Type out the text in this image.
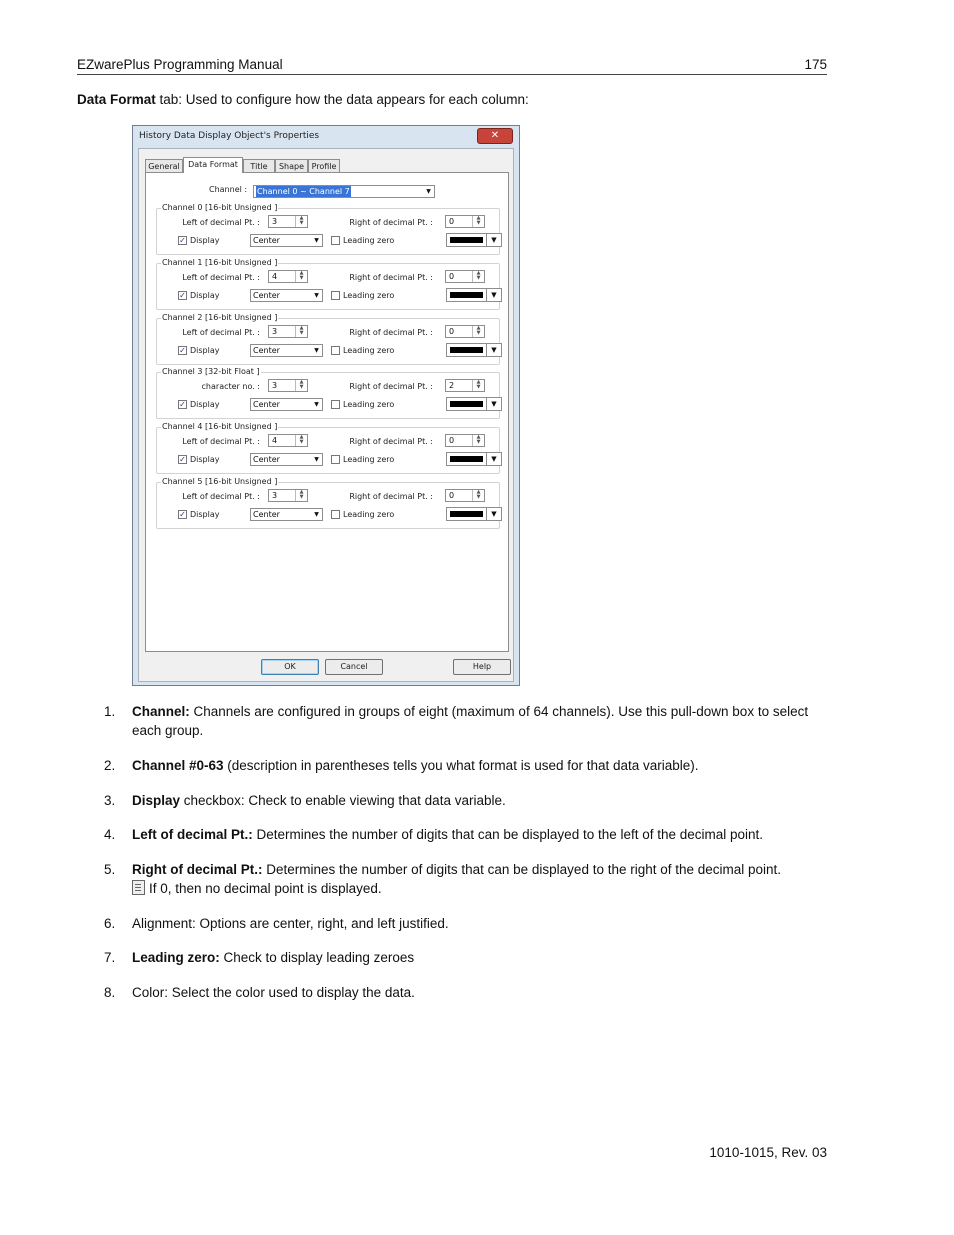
EZwarePlus Programming Manual	175
Data Format tab: Used to configure how the data appears for each column:
History Data Display Object's Properties	✕
General	Data Format	Title	Shape Profile
Channel : Channel 0 ~ Channel 7	▼
Channel 0 [16-bit Unsigned ]
Left of decimal Pt. : 3	▲
▼	Right of decimal Pt. : 0	▲
▼
✓ Display	Center	▼	Leading zero	▼
Channel 1 [16-bit Unsigned ]
Left of decimal Pt. : 4	▲
▼	Right of decimal Pt. : 0	▲
▼
✓ Display	Center	▼	Leading zero	▼
Channel 2 [16-bit Unsigned ]
Left of decimal Pt. : 3	▲
▼	Right of decimal Pt. : 0	▲
▼
✓ Display	Center	▼	Leading zero	▼
Channel 3 [32-bit Float ]
character no. : 3	▲
▼	Right of decimal Pt. : 2	▲
▼
✓ Display	Center	▼	Leading zero	▼
Channel 4 [16-bit Unsigned ]
Left of decimal Pt. : 4	▲
▼	Right of decimal Pt. : 0	▲
▼
✓ Display	Center	▼	Leading zero	▼
Channel 5 [16-bit Unsigned ]
Left of decimal Pt. : 3	▲
▼	Right of decimal Pt. : 0	▲
▼
✓ Display	Center	▼	Leading zero	▼
OK	Cancel	Help
1. Channel: Channels are configured in groups of eight (maximum of 64 channels). Use this pull-down box to select each group.
2. Channel #0-63 (description in parentheses tells you what format is used for that data variable).
3. Display checkbox: Check to enable viewing that data variable.
4. Left of decimal Pt.: Determines the number of digits that can be displayed to the left of the decimal point.
5. Right of decimal Pt.: Determines the number of digits that can be displayed to the right of the decimal point.
If 0, then no decimal point is displayed.
6. Alignment: Options are center, right, and left justified.
7. Leading zero: Check to display leading zeroes
8. Color: Select the color used to display the data.
1010-1015, Rev. 03
